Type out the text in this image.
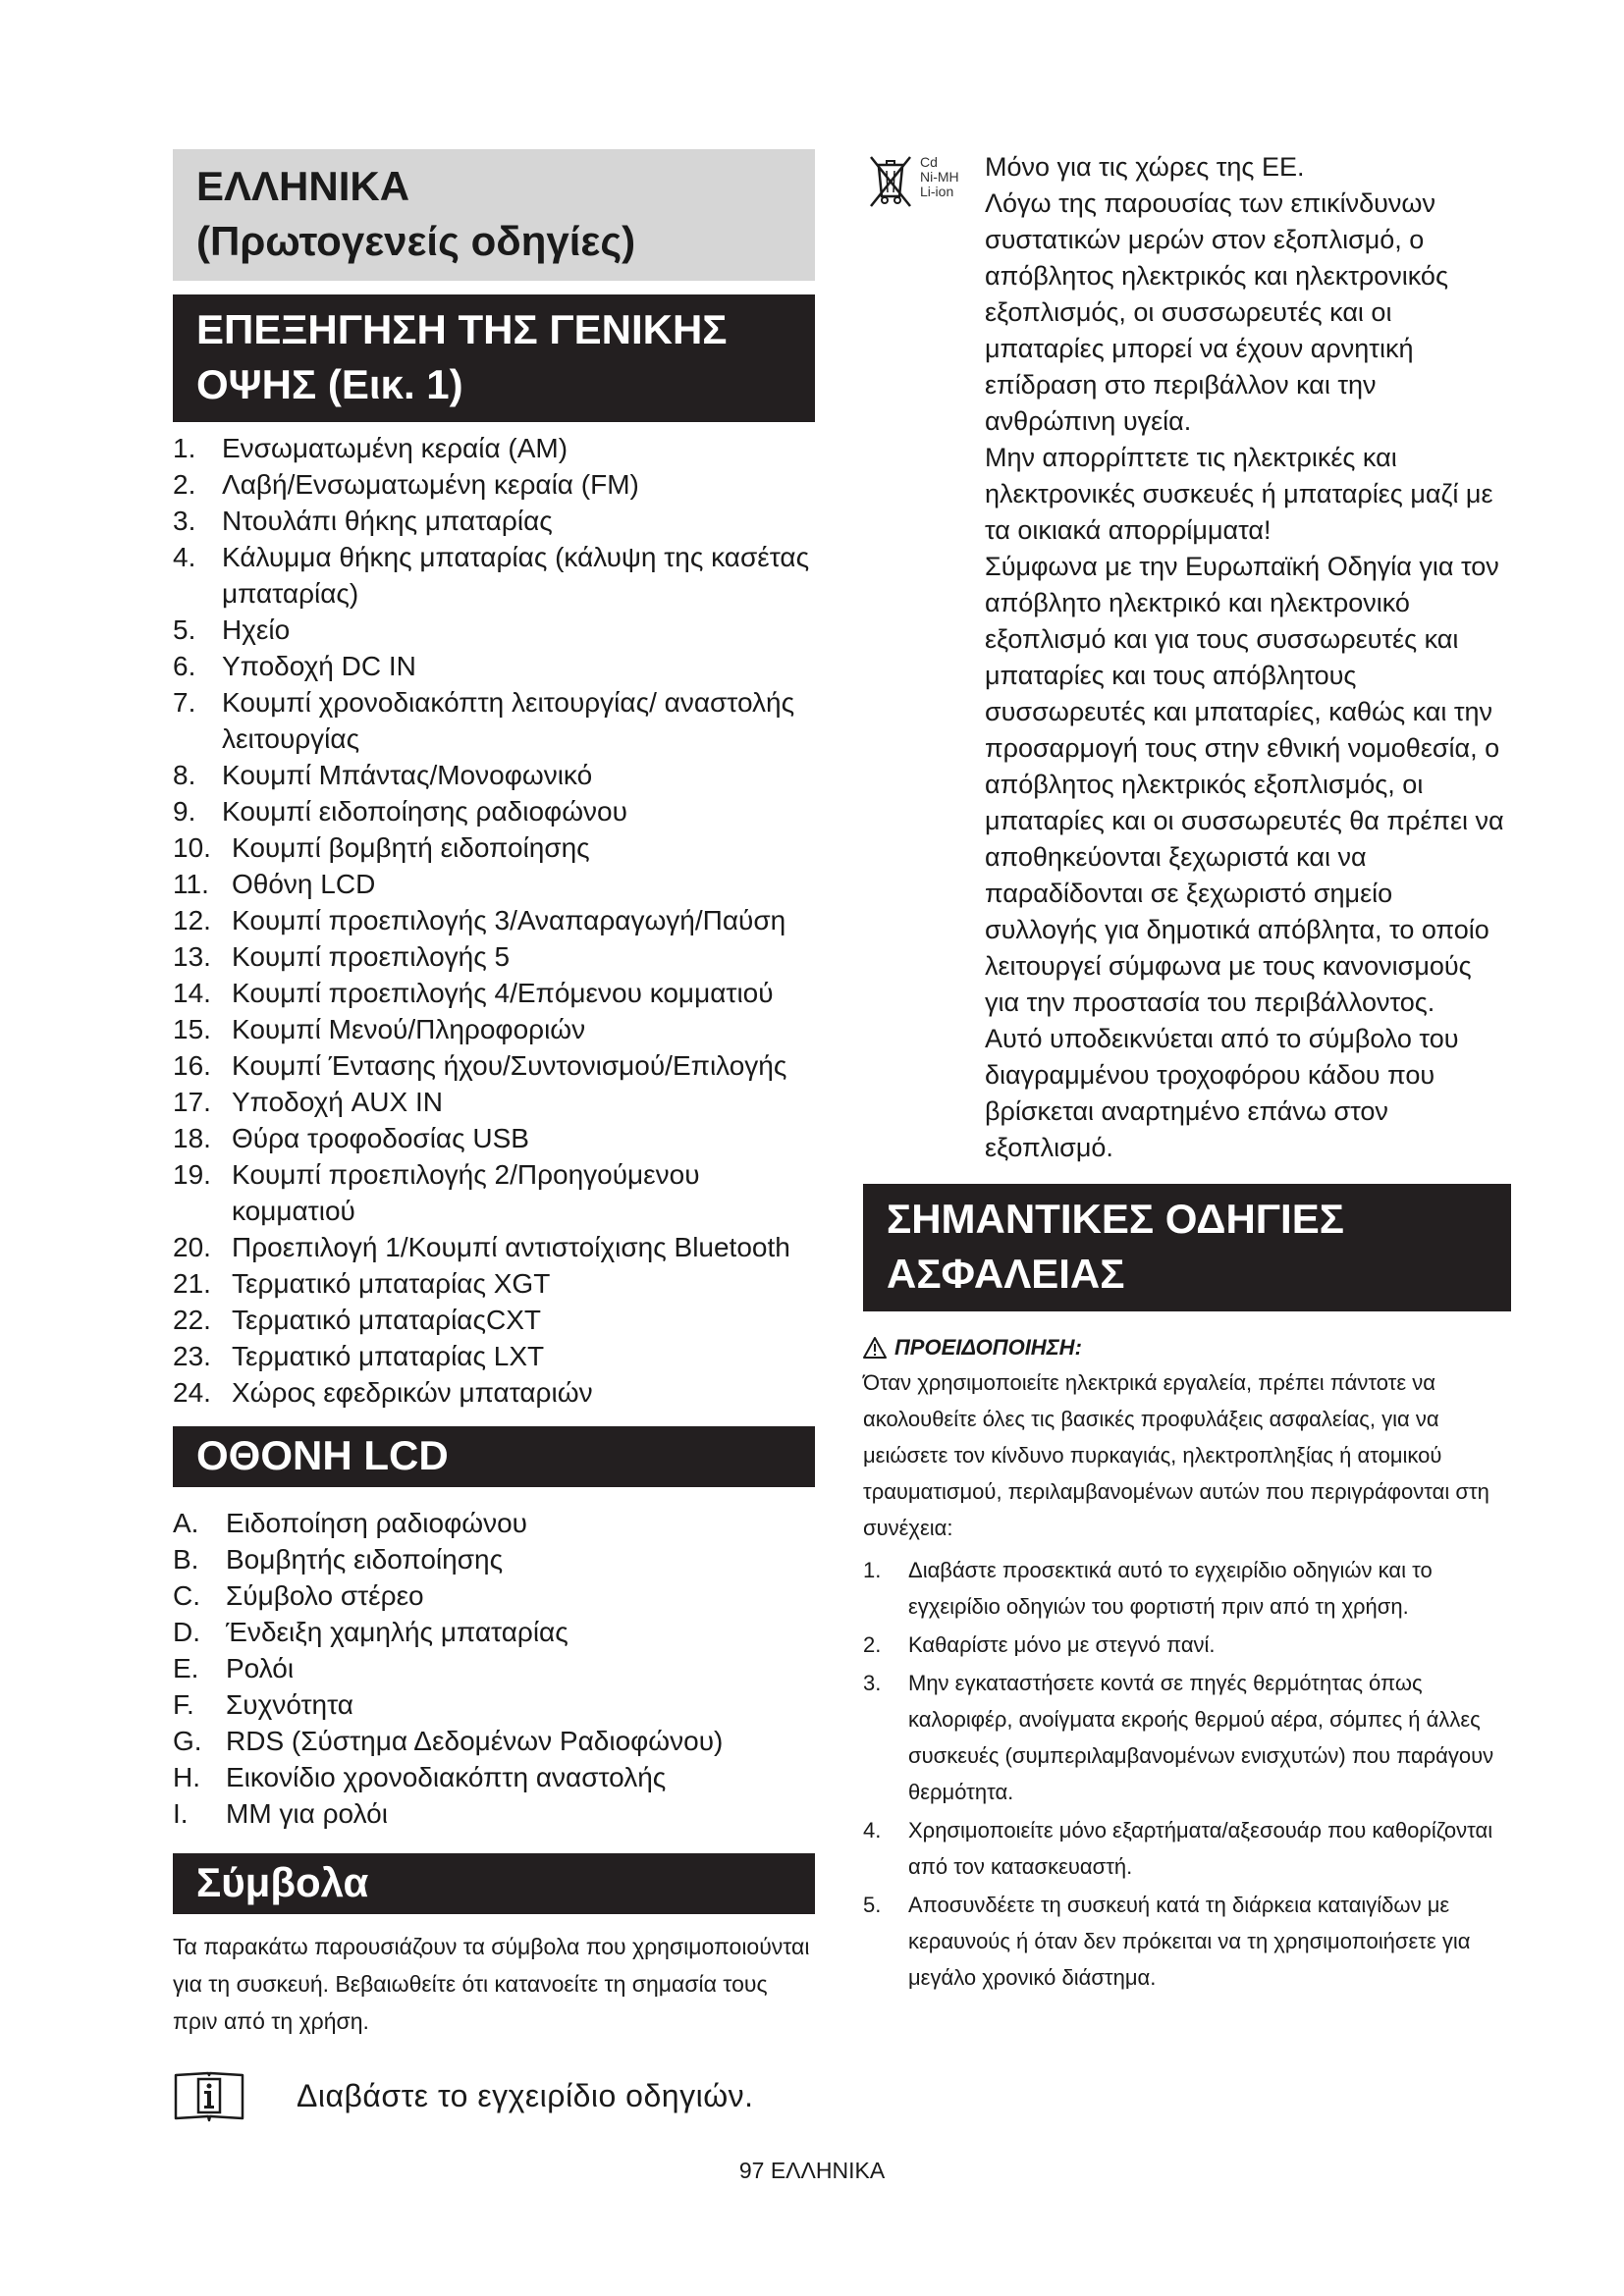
ΕΛΛΗΝΙΚΑ
(Πρωτογενείς οδηγίες)
ΕΠΕΞΗΓΗΣΗ ΤΗΣ ΓΕΝΙΚΗΣ
ΟΨΗΣ (Εικ. 1)
1. Ενσωματωμένη κεραία (AM)
2. Λαβή/Ενσωματωμένη κεραία (FM)
3. Ντουλάπι θήκης μπαταρίας
4. Κάλυμμα θήκης μπαταρίας (κάλυψη της κασέτας μπαταρίας)
5. Ηχείο
6. Υποδοχή DC IN
7. Κουμπί χρονοδιακόπτη λειτουργίας/ αναστολής λειτουργίας
8. Κουμπί Μπάντας/Μονοφωνικό
9. Κουμπί ειδοποίησης ραδιοφώνου
10. Κουμπί βομβητή ειδοποίησης
11. Οθόνη LCD
12. Κουμπί προεπιλογής 3/Αναπαραγωγή/Παύση
13. Κουμπί προεπιλογής 5
14. Κουμπί προεπιλογής 4/Επόμενου κομματιού
15. Κουμπί Μενού/Πληροφοριών
16. Κουμπί Έντασης ήχου/Συντονισμού/Επιλογής
17. Υποδοχή AUX IN
18. Θύρα τροφοδοσίας USB
19. Κουμπί προεπιλογής 2/Προηγούμενου κομματιού
20. Προεπιλογή 1/Κουμπί αντιστοίχισης Bluetooth
21. Τερματικό μπαταρίας XGT
22. Τερματικό μπαταρίαςCXT
23. Τερματικό μπαταρίας LXT
24. Χώρος εφεδρικών μπαταριών
ΟΘΟΝΗ LCD
A. Ειδοποίηση ραδιοφώνου
B. Βομβητής ειδοποίησης
C. Σύμβολο στέρεο
D. Ένδειξη χαμηλής μπαταρίας
E. Ρολόι
F.	Συχνότητα
G. RDS (Σύστημα Δεδομένων Ραδιοφώνου)
H. Εικονίδιο χρονοδιακόπτη αναστολής
I.	ΜΜ για ρολόι
Σύμβολα
Τα παρακάτω παρουσιάζουν τα σύμβολα που χρησιμοποιούνται για τη συσκευή. Βεβαιωθείτε ότι κατανοείτε τη σημασία τους πριν από τη χρήση.
Διαβάστε το εγχειρίδιο οδηγιών.
Cd
Ni-MH
Li-ion

Μόνο για τις χώρες της ΕΕ.

Λόγω της παρουσίας των επικίνδυνων συστατικών μερών στον εξοπλισμό, ο απόβλητος ηλεκτρικός και ηλεκτρονικός εξοπλισμός, οι συσσωρευτές και οι μπαταρίες μπορεί να έχουν αρνητική επίδραση στο περιβάλλον και την ανθρώπινη υγεία.

Μην απορρίπτετε τις ηλεκτρικές και ηλεκτρονικές συσκευές ή μπαταρίες μαζί με τα οικιακά απορρίμματα!

Σύμφωνα με την Ευρωπαϊκή Οδηγία για τον απόβλητο ηλεκτρικό και ηλεκτρονικό εξοπλισμό και για τους συσσωρευτές και μπαταρίες και τους απόβλητους συσσωρευτές και μπαταρίες, καθώς και την προσαρμογή τους στην εθνική νομοθεσία, ο απόβλητος ηλεκτρικός εξοπλισμός, οι μπαταρίες και οι συσσωρευτές θα πρέπει να αποθηκεύονται ξεχωριστά και να παραδίδονται σε ξεχωριστό σημείο συλλογής για δημοτικά απόβλητα, το οποίο λειτουργεί σύμφωνα με τους κανονισμούς για την προστασία του περιβάλλοντος.

Αυτό υποδεικνύεται από το σύμβολο του διαγραμμένου τροχοφόρου κάδου που βρίσκεται αναρτημένο επάνω στον εξοπλισμό.

ΣΗΜΑΝΤΙΚΕΣ ΟΔΗΓΙΕΣ
ΑΣΦΑΛΕΙΑΣ
ΠΡΟΕΙΔΟΠΟΙΗΣΗ:
Όταν χρησιμοποιείτε ηλεκτρικά εργαλεία, πρέπει πάντοτε να ακολουθείτε όλες τις βασικές προφυλάξεις ασφαλείας, για να μειώσετε τον κίνδυνο πυρκαγιάς, ηλεκτροπληξίας ή ατομικού τραυματισμού, περιλαμβανομένων αυτών που περιγράφονται στη συνέχεια:
1.	Διαβάστε προσεκτικά αυτό το εγχειρίδιο οδηγιών και το εγχειρίδιο οδηγιών του φορτιστή πριν από τη χρήση.
2.	Καθαρίστε μόνο με στεγνό πανί.
3.	Μην εγκαταστήσετε κοντά σε πηγές θερμότητας όπως καλοριφέρ, ανοίγματα εκροής θερμού αέρα, σόμπες ή άλλες συσκευές (συμπεριλαμβανομένων ενισχυτών) που παράγουν θερμότητα.
4.	Χρησιμοποιείτε μόνο εξαρτήματα/αξεσουάρ που καθορίζονται από τον κατασκευαστή.
5.	Αποσυνδέετε τη συσκευή κατά τη διάρκεια καταιγίδων με κεραυνούς ή όταν δεν πρόκειται να τη χρησιμοποιήσετε για μεγάλο χρονικό διάστημα.
97 ΕΛΛΗΝΙΚΑ
